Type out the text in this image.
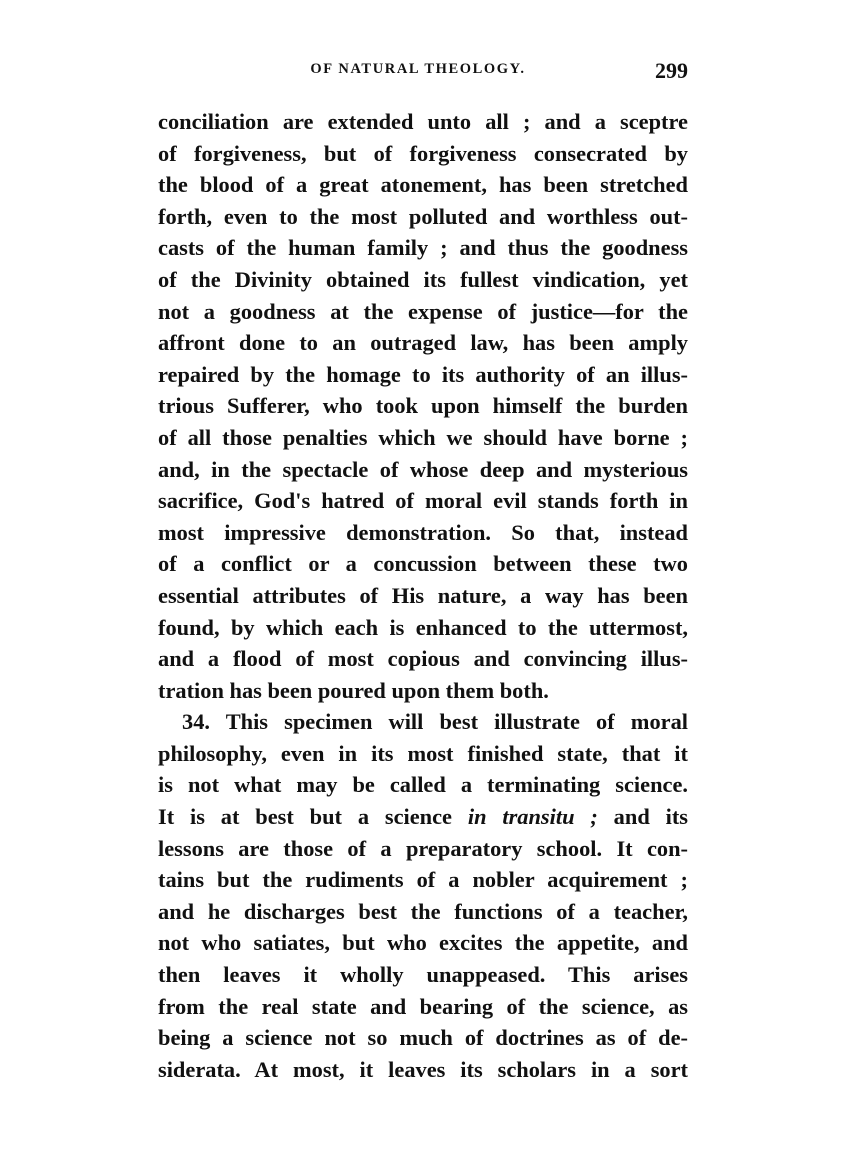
OF NATURAL THEOLOGY.	299
conciliation are extended unto all ; and a sceptre
of forgiveness, but of forgiveness consecrated by
the blood of a great atonement, has been stretched
forth, even to the most polluted and worthless out-
casts of the human family ; and thus the goodness
of the Divinity obtained its fullest vindication, yet
not a goodness at the expense of justice—for the
affront done to an outraged law, has been amply
repaired by the homage to its authority of an illus-
trious Sufferer, who took upon himself the burden
of all those penalties which we should have borne ;
and, in the spectacle of whose deep and mysterious
sacrifice, God's hatred of moral evil stands forth in
most impressive demonstration. So that, instead
of a conflict or a concussion between these two
essential attributes of His nature, a way has been
found, by which each is enhanced to the uttermost,
and a flood of most copious and convincing illus-
tration has been poured upon them both.
34. This specimen will best illustrate of moral
philosophy, even in its most finished state, that it
is not what may be called a terminating science.
It is at best but a science in transitu ; and its
lessons are those of a preparatory school. It con-
tains but the rudiments of a nobler acquirement ;
and he discharges best the functions of a teacher,
not who satiates, but who excites the appetite, and
then leaves it wholly unappeased. This arises
from the real state and bearing of the science, as
being a science not so much of doctrines as of de-
siderata. At most, it leaves its scholars in a sort
